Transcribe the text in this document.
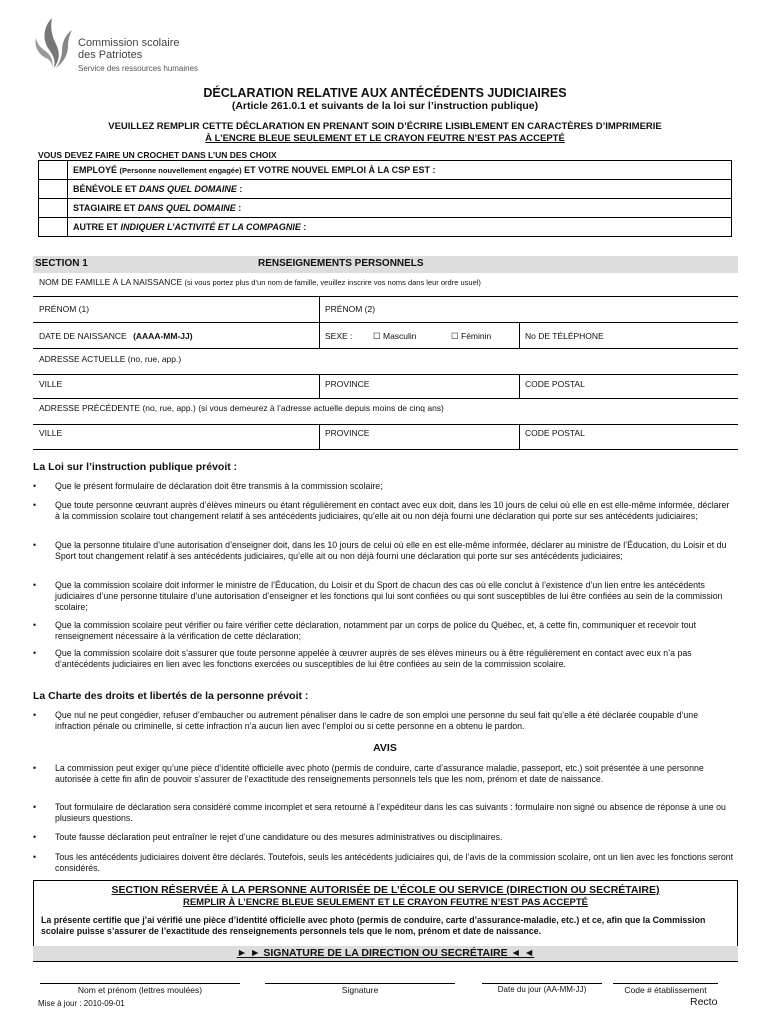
Commission scolaire
des Patriotes
Service des ressources humaines
DÉCLARATION RELATIVE AUX ANTÉCÉDENTS JUDICIAIRES
(Article 261.0.1 et suivants de la loi sur l’instruction publique)
VEUILLEZ REMPLIR CETTE DÉCLARATION EN PRENANT SOIN D’ÉCRIRE LISIBLEMENT EN CARACTÈRES D’IMPRIMERIE
À L’ENCRE BLEUE SEULEMENT ET LE CRAYON FEUTRE N’EST PAS ACCEPTÉ
VOUS DEVEZ FAIRE UN CROCHET DANS L’UN DES CHOIX
EMPLOYÉ (Personne nouvellement engagée) ET VOTRE NOUVEL EMPLOI À LA CSP EST :
BÉNÉVOLE ET DANS QUEL DOMAINE :
STAGIAIRE ET DANS QUEL DOMAINE :
AUTRE ET INDIQUER L’ACTIVITÉ ET LA COMPAGNIE :
SECTION 1	RENSEIGNEMENTS PERSONNELS
NOM DE FAMILLE À LA NAISSANCE (si vous portez plus d’un nom de famille, veuillez inscrire vos noms dans leur ordre usuel)
PRÉNOM (1)	PRÉNOM (2)
DATE DE NAISSANCE (AAAA-MM-JJ)	SEXE : ☐ Masculin	☐ Féminin	No DE TÉLÉPHONE
ADRESSE ACTUELLE (no, rue, app.)
VILLE	PROVINCE	CODE POSTAL
ADRESSE PRÉCÉDENTE (no, rue, app.) (si vous demeurez à l’adresse actuelle depuis moins de cinq ans)
VILLE	PROVINCE	CODE POSTAL
La Loi sur l’instruction publique prévoit :
• Que le présent formulaire de déclaration doit être transmis à la commission scolaire;
• Que toute personne œuvrant auprès d’élèves mineurs ou étant régulièrement en contact avec eux doit, dans les 10 jours de celui où elle en est elle-même informée, déclarer à la commission scolaire tout changement relatif à ses antécédents judiciaires, qu’elle ait ou non déjà fourni une déclaration qui porte sur ses antécédents judiciaires;
• Que la personne titulaire d’une autorisation d’enseigner doit, dans les 10 jours de celui où elle en est elle-même informée, déclarer au ministre de l’Éducation, du Loisir et du Sport tout changement relatif à ses antécédents judiciaires, qu’elle ait ou non déjà fourni une déclaration qui porte sur ses antécédents judiciaires;
• Que la commission scolaire doit informer le ministre de l’Éducation, du Loisir et du Sport de chacun des cas où elle conclut à l’existence d’un lien entre les antécédents judiciaires d’une personne titulaire d’une autorisation d’enseigner et les fonctions qui lui sont confiées ou qui sont susceptibles de lui être confiées au sein de la commission scolaire;
• Que la commission scolaire peut vérifier ou faire vérifier cette déclaration, notamment par un corps de police du Québec, et, à cette fin, communiquer et recevoir tout renseignement nécessaire à la vérification de cette déclaration;
• Que la commission scolaire doit s’assurer que toute personne appelée à œuvrer auprès de ses élèves mineurs ou à être régulièrement en contact avec eux n’a pas d’antécédents judiciaires en lien avec les fonctions exercées ou susceptibles de lui être confiées au sein de la commission scolaire.
La Charte des droits et libertés de la personne prévoit :
• Que nul ne peut congédier, refuser d’embaucher ou autrement pénaliser dans le cadre de son emploi une personne du seul fait qu’elle a été déclarée coupable d’une infraction pénale ou criminelle, si cette infraction n’a aucun lien avec l’emploi ou si cette personne en a obtenu le pardon.
AVIS
• La commission peut exiger qu’une pièce d’identité officielle avec photo (permis de conduire, carte d’assurance maladie, passeport, etc.) soit présentée à une personne autorisée à cette fin afin de pouvoir s’assurer de l’exactitude des renseignements personnels tels que les nom, prénom et date de naissance.
• Tout formulaire de déclaration sera considéré comme incomplet et sera retourné à l’expéditeur dans les cas suivants : formulaire non signé ou absence de réponse à une ou plusieurs questions.
• Toute fausse déclaration peut entraîner le rejet d’une candidature ou des mesures administratives ou disciplinaires.
• Tous les antécédents judiciaires doivent être déclarés. Toutefois, seuls les antécédents judiciaires qui, de l’avis de la commission scolaire, ont un lien avec les fonctions seront considérés.
SECTION RÉSERVÉE À LA PERSONNE AUTORISÉE DE L’ÉCOLE OU SERVICE (DIRECTION OU SECRÉTAIRE)
REMPLIR À L’ENCRE BLEUE SEULEMENT ET LE CRAYON FEUTRE N’EST PAS ACCEPTÉ
La présente certifie que j’ai vérifié une pièce d’identité officielle avec photo (permis de conduire, carte d’assurance-maladie, etc.) et ce, afin que la Commission scolaire puisse s’assurer de l’exactitude des renseignements personnels tels que le nom, prénom et date de naissance.
► ► SIGNATURE DE LA DIRECTION OU SECRÉTAIRE ◄ ◄
Nom et prénom (lettres moulées)	Signature	Date du jour (AA-MM-JJ)	Code # établissement
Mise à jour : 2010-09-01	Recto
